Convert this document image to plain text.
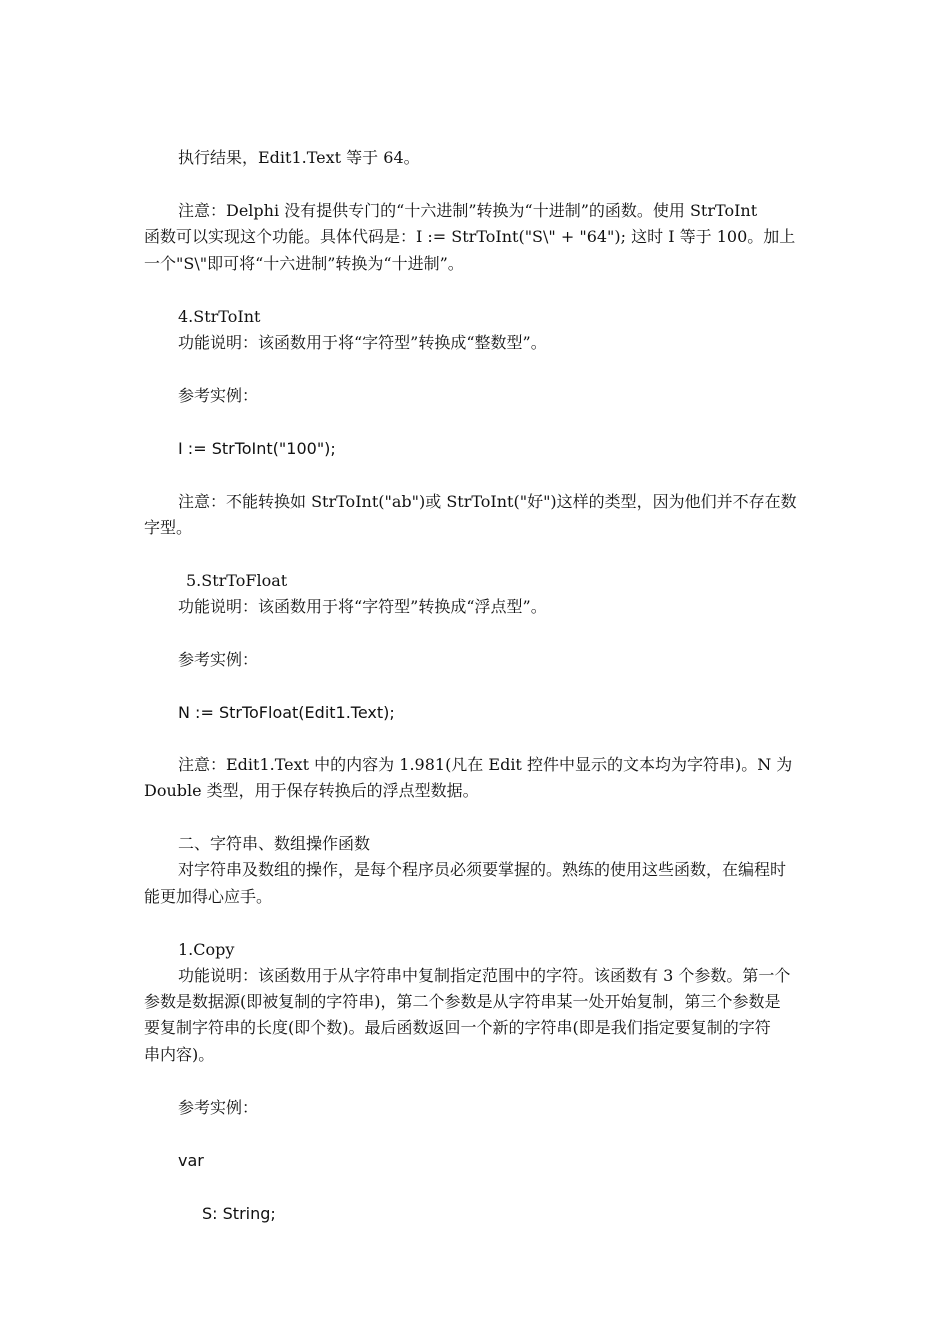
执行结果，Edit1.Text 等于 64。
注意：Delphi 没有提供专门的“十六进制”转换为“十进制”的函数。使用 StrToInt
函数可以实现这个功能。具体代码是：I := StrToInt("S\" + "64"); 这时 I 等于 100。加上
一个"S\"即可将“十六进制”转换为“十进制”。
4.StrToInt
功能说明：该函数用于将“字符型”转换成“整数型”。
参考实例：
I := StrToInt("100");
注意：不能转换如 StrToInt("ab")或 StrToInt("好")这样的类型，因为他们并不存在数
字型。
5.StrToFloat
功能说明：该函数用于将“字符型”转换成“浮点型”。
参考实例：
N := StrToFloat(Edit1.Text);
注意：Edit1.Text 中的内容为 1.981(凡在 Edit 控件中显示的文本均为字符串)。N 为
Double 类型，用于保存转换后的浮点型数据。
二、字符串、数组操作函数
对字符串及数组的操作，是每个程序员必须要掌握的。熟练的使用这些函数，在编程时
能更加得心应手。
1.Copy
功能说明：该函数用于从字符串中复制指定范围中的字符。该函数有 3 个参数。第一个
参数是数据源(即被复制的字符串)，第二个参数是从字符串某一处开始复制，第三个参数是
要复制字符串的长度(即个数)。最后函数返回一个新的字符串(即是我们指定要复制的字符
串内容)。
参考实例：
var
S: String;
